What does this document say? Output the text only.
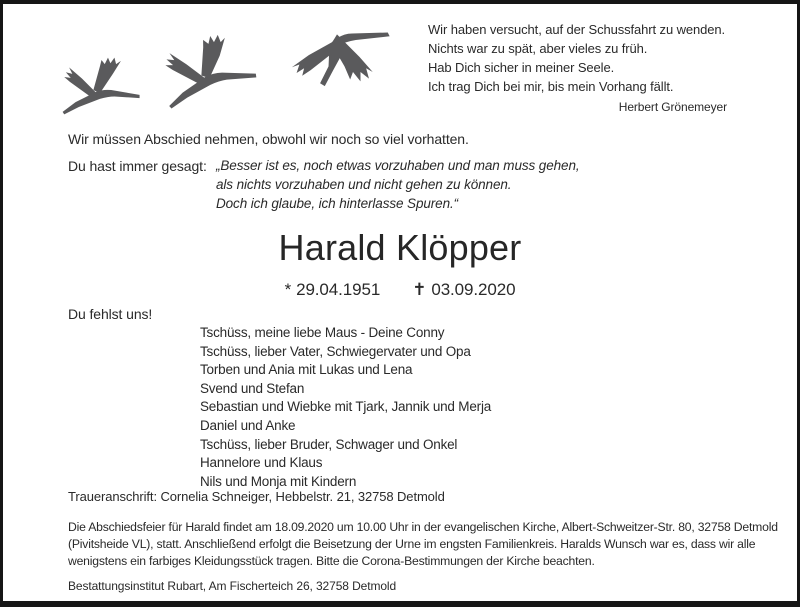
Wir haben versucht, auf der Schussfahrt zu wenden.
Nichts war zu spät, aber vieles zu früh.
Hab Dich sicher in meiner Seele.
Ich trag Dich bei mir, bis mein Vorhang fällt.
Herbert Grönemeyer
Wir müssen Abschied nehmen, obwohl wir noch so viel vorhatten.
Du hast immer gesagt: „Besser ist es, noch etwas vorzuhaben und man muss gehen,
als nichts vorzuhaben und nicht gehen zu können.
Doch ich glaube, ich hinterlasse Spuren.“
Harald Klöpper
* 29.04.1951 ✝ 03.09.2020
Du fehlst uns!
Tschüss, meine liebe Maus - Deine Conny
Tschüss, lieber Vater, Schwiegervater und Opa
Torben und Ania mit Lukas und Lena
Svend und Stefan
Sebastian und Wiebke mit Tjark, Jannik und Merja
Daniel und Anke
Tschüss, lieber Bruder, Schwager und Onkel
Hannelore und Klaus
Nils und Monja mit Kindern
Traueranschrift: Cornelia Schneiger, Hebbelstr. 21, 32758 Detmold
Die Abschiedsfeier für Harald findet am 18.09.2020 um 10.00 Uhr in der evangelischen Kirche, Albert-Schweitzer-Str. 80, 32758 Detmold (Pivitsheide VL), statt. Anschließend erfolgt die Beisetzung der Urne im engsten Familienkreis. Haralds Wunsch war es, dass wir alle wenigstens ein farbiges Kleidungsstück tragen. Bitte die Corona-Bestimmungen der Kirche beachten.
Bestattungsinstitut Rubart, Am Fischerteich 26, 32758 Detmold
